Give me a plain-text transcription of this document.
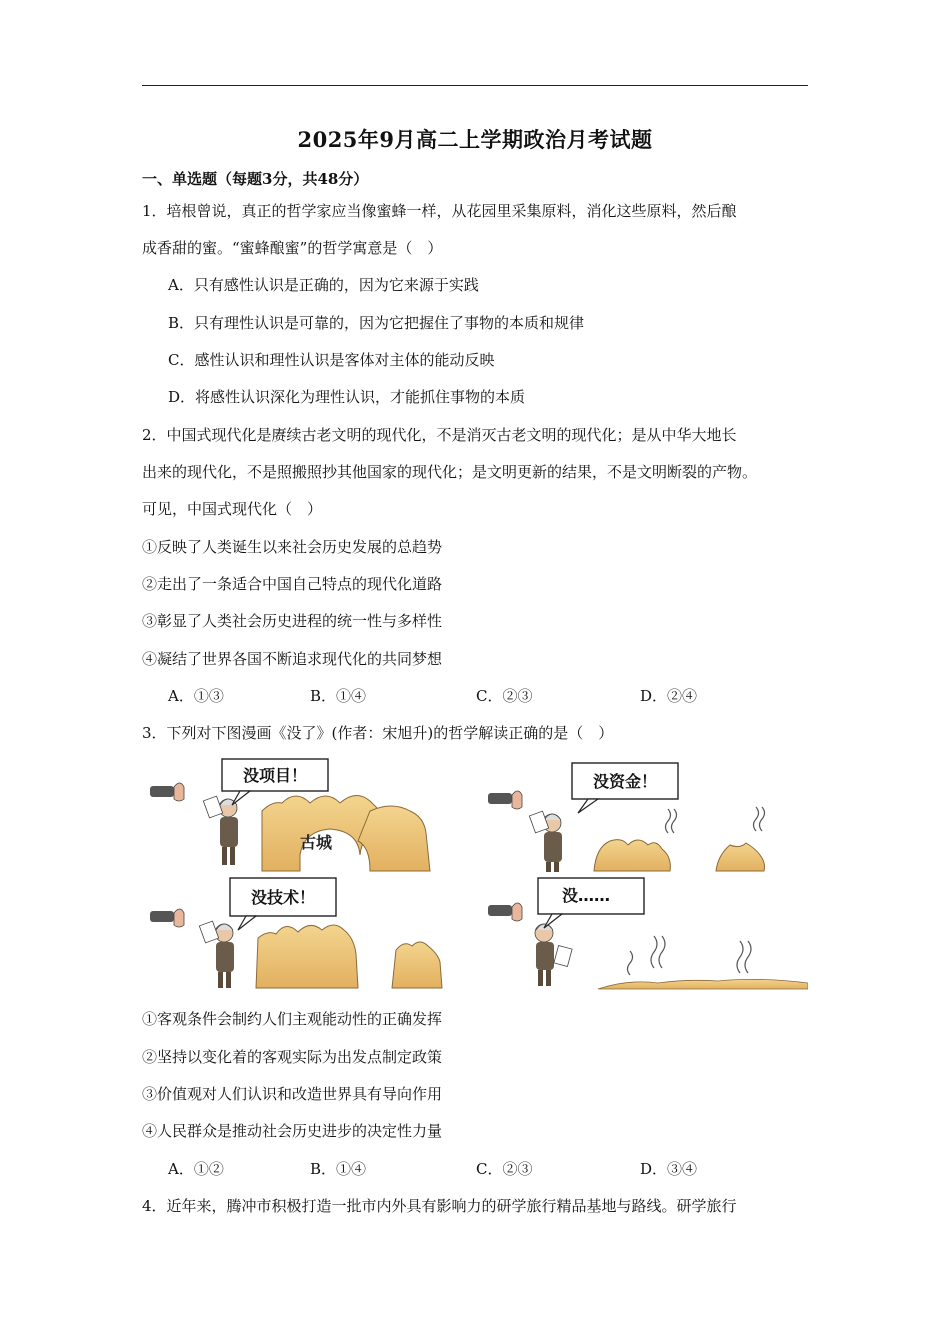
2025年9月高二上学期政治月考试题
一、单选题（每题3分，共48分）
1．培根曾说，真正的哲学家应当像蜜蜂一样，从花园里采集原料，消化这些原料，然后酿
成香甜的蜜。“蜜蜂酿蜜”的哲学寓意是（　）
A．只有感性认识是正确的，因为它来源于实践
B．只有理性认识是可靠的，因为它把握住了事物的本质和规律
C．感性认识和理性认识是客体对主体的能动反映
D．将感性认识深化为理性认识，才能抓住事物的本质
2．中国式现代化是赓续古老文明的现代化，不是消灭古老文明的现代化；是从中华大地长
出来的现代化，不是照搬照抄其他国家的现代化；是文明更新的结果，不是文明断裂的产物。
可见，中国式现代化（　）
①反映了人类诞生以来社会历史发展的总趋势
②走出了一条适合中国自己特点的现代化道路
③彰显了人类社会历史进程的统一性与多样性
④凝结了世界各国不断追求现代化的共同梦想
A．①③	B．①④	C．②③	D．②④
3．下列对下图漫画《没了》(作者：宋旭升)的哲学解读正确的是（　）
没项目！
古城
没资金！
没技术！	没……
①客观条件会制约人们主观能动性的正确发挥
②坚持以变化着的客观实际为出发点制定政策
③价值观对人们认识和改造世界具有导向作用
④人民群众是推动社会历史进步的决定性力量
A．①②	B．①④	C．②③	D．③④
4．近年来，腾冲市积极打造一批市内外具有影响力的研学旅行精品基地与路线。研学旅行
